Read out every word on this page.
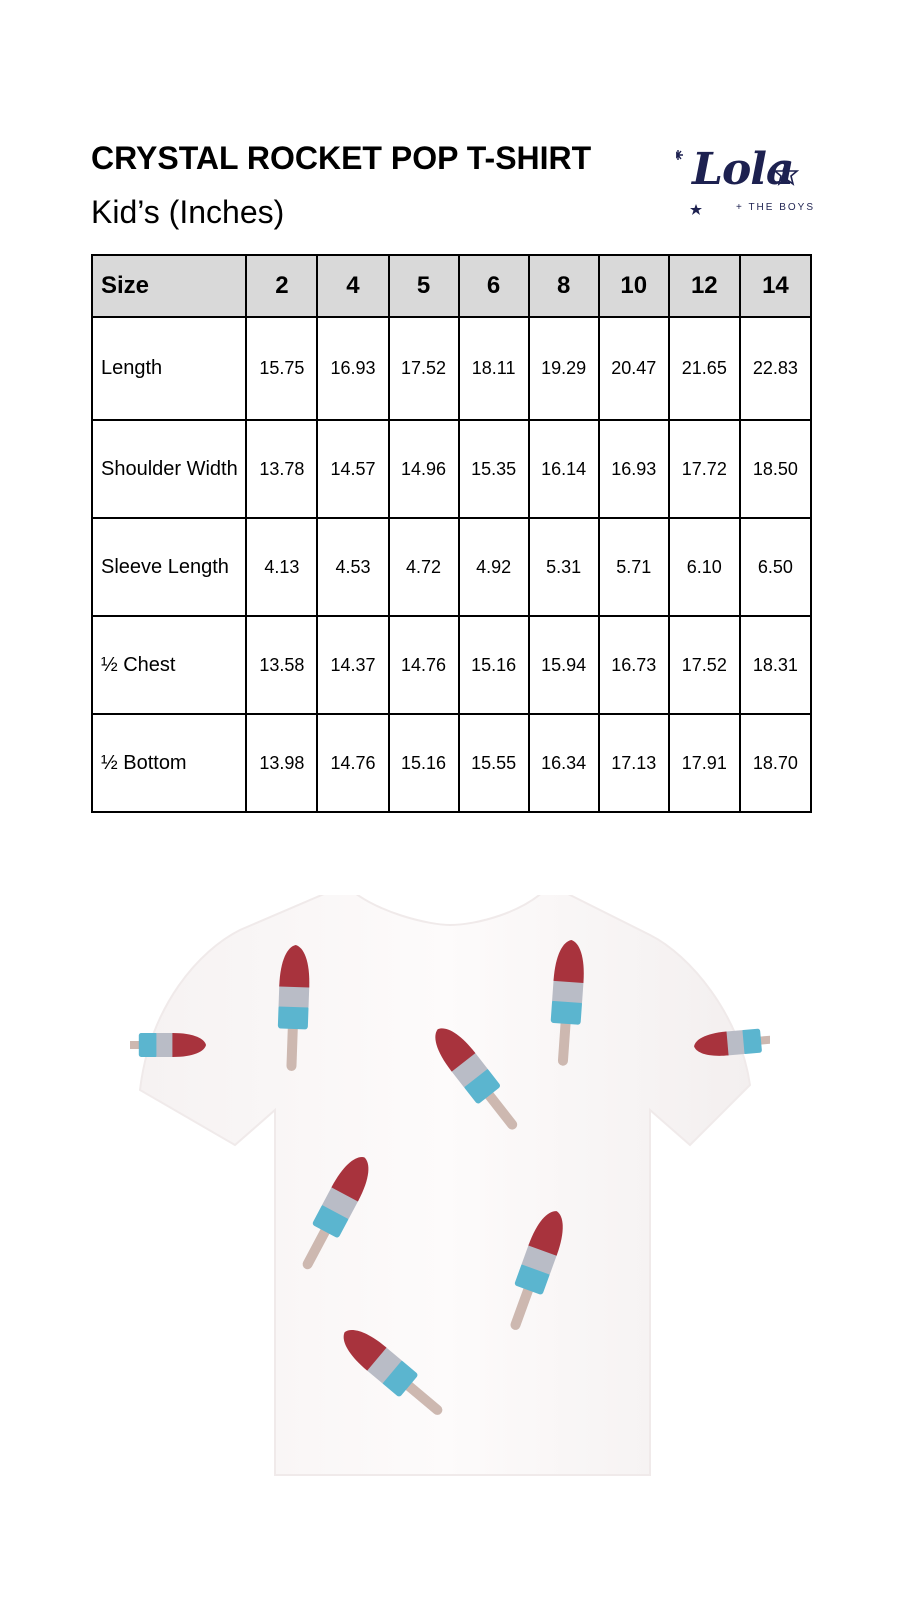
CRYSTAL ROCKET POP T-SHIRT
Kid’s (Inches)
Lola
+ THE BOYS
Size	2	4	5	6	8	10	12	14
Length	15.75	16.93	17.52	18.11	19.29	20.47	21.65	22.83
Shoulder Width	13.78	14.57	14.96	15.35	16.14	16.93	17.72	18.50
Sleeve Length	4.13	4.53	4.72	4.92	5.31	5.71	6.10	6.50
½ Chest	13.58	14.37	14.76	15.16	15.94	16.73	17.52	18.31
½ Bottom	13.98	14.76	15.16	15.55	16.34	17.13	17.91	18.70
